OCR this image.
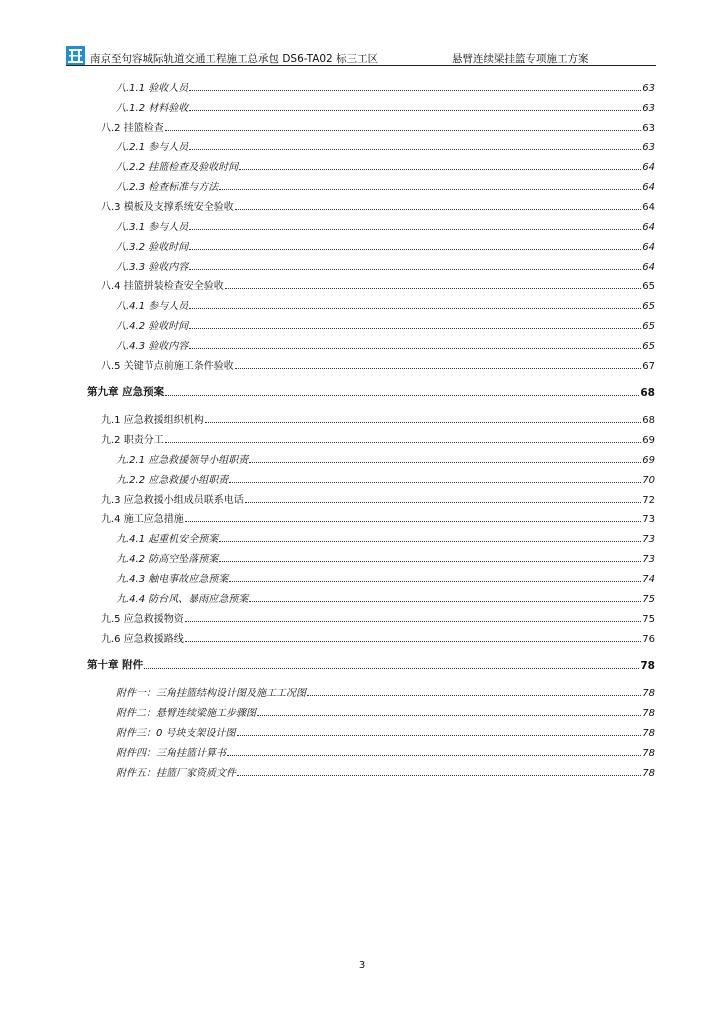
南京至句容城际轨道交通工程施工总承包 DS6-TA02 标三工区	悬臂连续梁挂篮专项施工方案
八.1.1 验收人员	63
八.1.2 材料验收	63
八.2 挂篮检查	63
八.2.1 参与人员	63
八.2.2 挂篮检查及验收时间	64
八.2.3 检查标准与方法	64
八.3 模板及支撑系统安全验收	64
八.3.1 参与人员	64
八.3.2 验收时间	64
八.3.3 验收内容	64
八.4 挂篮拼装检查安全验收	65
八.4.1 参与人员	65
八.4.2 验收时间	65
八.4.3 验收内容	65
八.5 关键节点前施工条件验收	67
第九章 应急预案	68
九.1 应急救援组织机构	68
九.2 职责分工	69
九.2.1 应急救援领导小组职责	69
九.2.2 应急救援小组职责	70
九.3 应急救援小组成员联系电话	72
九.4 施工应急措施	73
九.4.1 起重机安全预案	73
九.4.2 防高空坠落预案	73
九.4.3 触电事故应急预案	74
九.4.4 防台风、暴雨应急预案	75
九.5 应急救援物资	75
九.6 应急救援路线	76
第十章 附件	78
附件一：三角挂篮结构设计图及施工工况图	78
附件二：悬臂连续梁施工步骤图	78
附件三：0 号块支架设计图	78
附件四：三角挂篮计算书	78
附件五：挂篮厂家资质文件	78
3
